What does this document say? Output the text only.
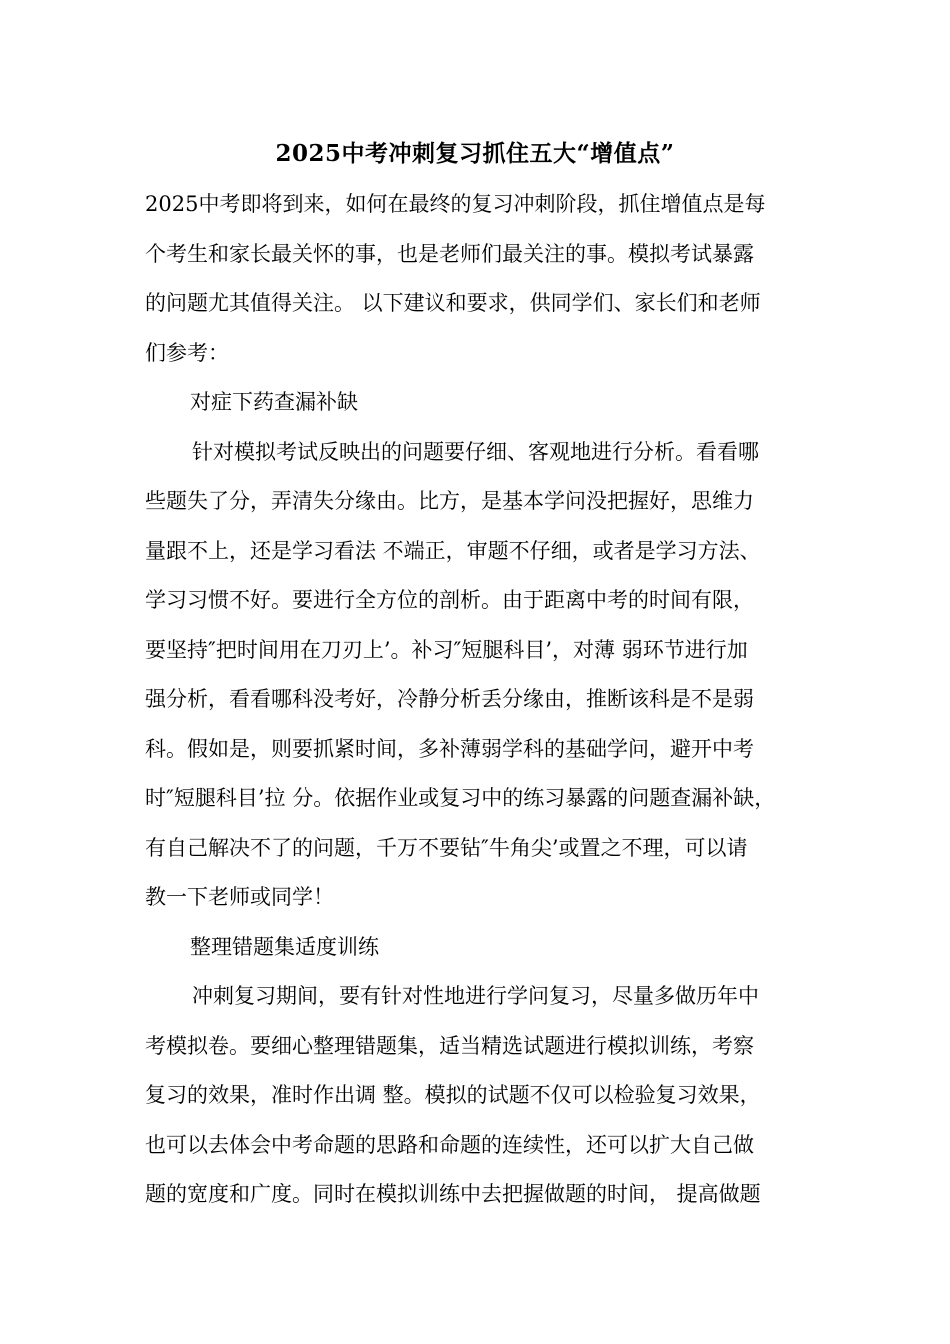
2025中考冲刺复习抓住五大“增值点”
2025中考即将到来，如何在最终的复习冲刺阶段，抓住增值点是每
个考生和家长最关怀的事，也是老师们最关注的事。模拟考试暴露
的问题尤其值得关注。 以下建议和要求，供同学们、家长们和老师
们参考：
对症下药查漏补缺
针对模拟考试反映出的问题要仔细、客观地进行分析。看看哪
些题失了分，弄清失分缘由。比方，是基本学问没把握好，思维力
量跟不上，还是学习看法 不端正，审题不仔细，或者是学习方法、
学习习惯不好。要进行全方位的剖析。由于距离中考的时间有限，
要坚持″把时间用在刀刃上’。补习″短腿科目’，对薄 弱环节进行加
强分析，看看哪科没考好，冷静分析丢分缘由，推断该科是不是弱
科。假如是，则要抓紧时间，多补薄弱学科的基础学问，避开中考
时″短腿科目’拉 分。依据作业或复习中的练习暴露的问题查漏补缺，
有自己解决不了的问题，千万不要钻″牛角尖’或置之不理，可以请
教一下老师或同学！
整理错题集适度训练
冲刺复习期间，要有针对性地进行学问复习，尽量多做历年中
考模拟卷。要细心整理错题集，适当精选试题进行模拟训练，考察
复习的效果，准时作出调 整。模拟的试题不仅可以检验复习效果，
也可以去体会中考命题的思路和命题的连续性，还可以扩大自己做
题的宽度和广度。同时在模拟训练中去把握做题的时间， 提高做题
